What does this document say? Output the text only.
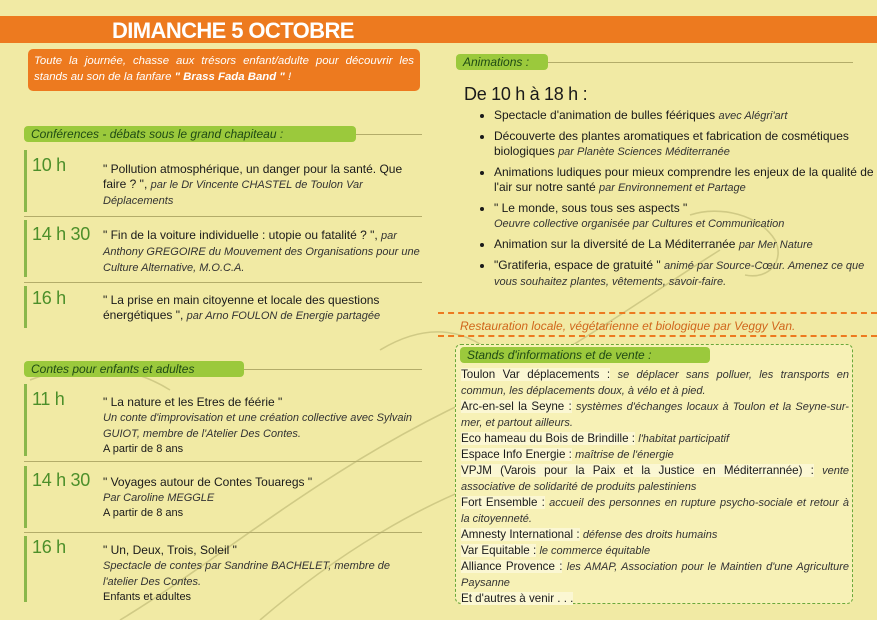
DIMANCHE 5 OCTOBRE
Toute la journée, chasse aux trésors enfant/adulte pour découvrir les stands au son de la fanfare " Brass Fada Band " !
Conférences - débats sous le grand chapiteau :
10 h	" Pollution atmosphérique, un danger pour la santé. Que faire ? ", par le Dr Vincente CHASTEL de Toulon Var Déplacements
14 h 30 " Fin de la voiture individuelle : utopie ou fatalité ? ", par Anthony GREGOIRE du Mouvement des Organisations pour une Culture Alternative, M.O.C.A.
16 h	" La prise en main citoyenne et locale des questions énergétiques ", par Arno FOULON de Energie partagée
Contes pour enfants et adultes
11 h	" La nature et les Etres de féérie "
Un conte d'improvisation et une création collective avec Sylvain GUIOT, membre de l'Atelier Des Contes.
A partir de 8 ans
14 h 30 " Voyages autour de Contes Touaregs "
Par Caroline MEGGLE
A partir de 8 ans
16 h	" Un, Deux, Trois, Soleil "
Spectacle de contes par Sandrine BACHELET, membre de l'atelier Des Contes.
Enfants et adultes
Animations :
De 10 h à 18 h :
• Spectacle d'animation de bulles féériques avec Alégri'art
• Découverte des plantes aromatiques et fabrication de cosmétiques biologiques par Planète Sciences Méditerranée
• Animations ludiques pour mieux comprendre les enjeux de la qualité de l'air sur notre santé par Environnement et Partage
• " Le monde, sous tous ses aspects "
Oeuvre collective organisée par Cultures et Communication
• Animation sur la diversité de La Méditerranée par Mer Nature
• "Gratiferia, espace de gratuité " animé par Source-Cœur. Amenez ce que vous souhaitez plantes, vêtements, savoir-faire.
Restauration locale, végétarienne et biologique par Veggy Van.
Stands d'informations et de vente :
Toulon Var déplacements : se déplacer sans polluer, les transports en commun, les déplacements doux, à vélo et à pied.
Arc-en-sel la Seyne : systèmes d'échanges locaux à Toulon et la Seyne-sur-mer, et partout ailleurs.
Eco hameau du Bois de Brindille : l'habitat participatif
Espace Info Energie : maîtrise de l'énergie
VPJM (Varois pour la Paix et la Justice en Méditerrannée) : vente associative de solidarité de produits palestiniens
Fort Ensemble : accueil des personnes en rupture psycho-sociale et retour à la citoyenneté.
Amnesty International : défense des droits humains
Var Equitable : le commerce équitable
Alliance Provence : les AMAP, Association pour le Maintien d'une Agriculture Paysanne
Et d'autres à venir . . .
